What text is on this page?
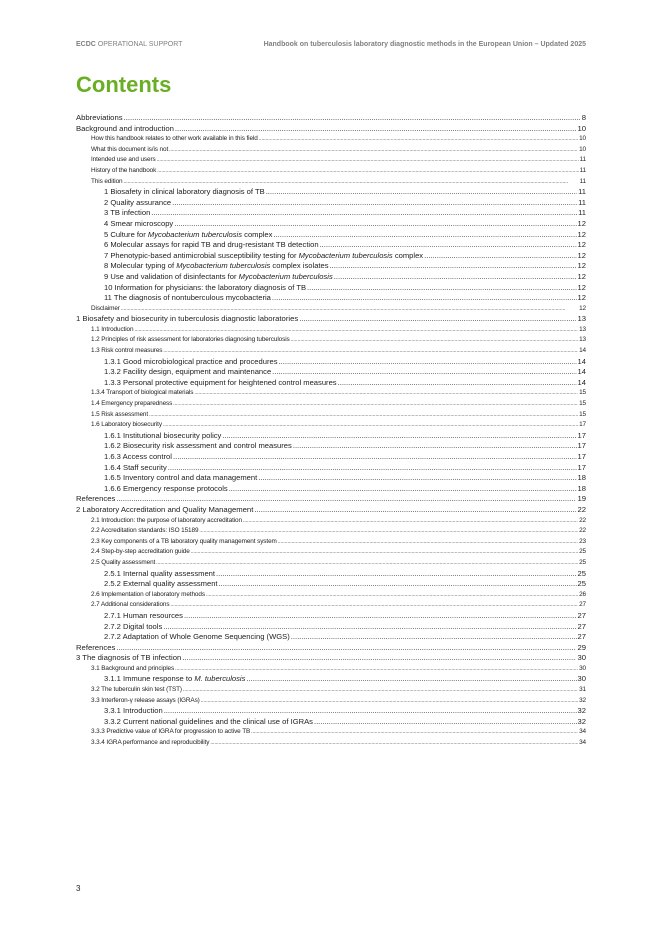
ECDC OPERATIONAL SUPPORT	Handbook on tuberculosis laboratory diagnostic methods in the European Union – Updated 2025
Contents
Abbreviations .....	8
Background and introduction .....	10
How this handbook relates to other work available in this field .....	10
What this document is/is not .....	10
Intended use and users .....	11
History of the handbook .....	11
This edition .....	11
1 Biosafety in clinical laboratory diagnosis of TB .....	11
2 Quality assurance .....	11
3 TB infection .....	11
4 Smear microscopy .....	12
5 Culture for Mycobacterium tuberculosis complex .....	12
6 Molecular assays for rapid TB and drug-resistant TB detection .....	12
7 Phenotypic-based antimicrobial susceptibility testing for Mycobacterium tuberculosis complex .....	12
8 Molecular typing of Mycobacterium tuberculosis complex isolates .....	12
9 Use and validation of disinfectants for Mycobacterium tuberculosis .....	12
10 Information for physicians: the laboratory diagnosis of TB .....	12
11 The diagnosis of nontuberculous mycobacteria .....	12
Disclaimer .....	12
1 Biosafety and biosecurity in tuberculosis diagnostic laboratories .....	13
1.1 Introduction .....	13
1.2 Principles of risk assessment for laboratories diagnosing tuberculosis .....	13
1.3 Risk control measures .....	14
1.3.1 Good microbiological practice and procedures .....	14
1.3.2 Facility design, equipment and maintenance .....	14
1.3.3 Personal protective equipment for heightened control measures .....	14
1.3.4 Transport of biological materials .....	15
1.4 Emergency preparedness .....	15
1.5 Risk assessment .....	15
1.6 Laboratory biosecurity .....	17
1.6.1 Institutional biosecurity policy .....	17
1.6.2 Biosecurity risk assessment and control measures .....	17
1.6.3 Access control .....	17
1.6.4 Staff security .....	17
1.6.5 Inventory control and data management .....	18
1.6.6 Emergency response protocols .....	18
References .....	19
2 Laboratory Accreditation and Quality Management .....	22
2.1 Introduction: the purpose of laboratory accreditation .....	22
2.2 Accreditation standards: ISO 15189 .....	22
2.3 Key components of a TB laboratory quality management system .....	23
2.4 Step-by-step accreditation guide .....	25
2.5 Quality assessment .....	25
2.5.1 Internal quality assessment .....	25
2.5.2 External quality assessment .....	25
2.6 Implementation of laboratory methods .....	26
2.7 Additional considerations .....	27
2.7.1 Human resources .....	27
2.7.2 Digital tools .....	27
2.7.2 Adaptation of Whole Genome Sequencing (WGS) .....	27
References .....	29
3 The diagnosis of TB infection .....	30
3.1 Background and principles .....	30
3.1.1 Immune response to M. tuberculosis .....	30
3.2 The tuberculin skin test (TST) .....	31
3.3 Interferon-γ release assays (IGRAs) .....	32
3.3.1 Introduction .....	32
3.3.2 Current national guidelines and the clinical use of IGRAs .....	32
3.3.3 Predictive value of IGRA for progression to active TB .....	34
3.3.4 IGRA performance and reproducibility .....	34
3
